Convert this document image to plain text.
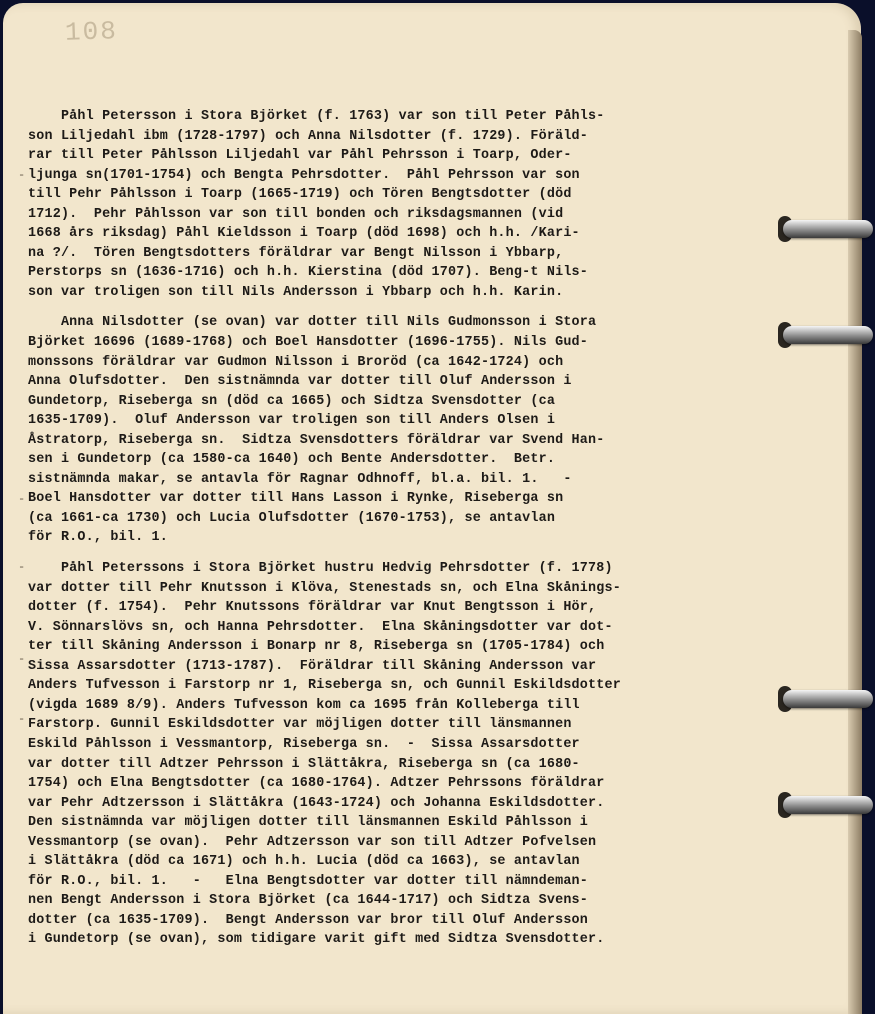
108
Påhl Petersson i Stora Björket (f. 1763) var son till Peter Påhls-
son Liljedahl ibm (1728-1797) och Anna Nilsdotter (f. 1729). Föräld-
rar till Peter Påhlsson Liljedahl var Påhl Pehrsson i Toarp, Oder-
ljunga sn(1701-1754) och Bengta Pehrsdotter.  Påhl Pehrsson var son
till Pehr Påhlsson i Toarp (1665-1719) och Tören Bengtsdotter (död
1712).  Pehr Påhlsson var son till bonden och riksdagsmannen (vid
1668 års riksdag) Påhl Kieldsson i Toarp (död 1698) och h.h. /Kari-
na ?/.  Tören Bengtsdotters föräldrar var Bengt Nilsson i Ybbarp,
Perstorps sn (1636-1716) och h.h. Kierstina (död 1707). Beng-t Nils-
son var troligen son till Nils Andersson i Ybbarp och h.h. Karin.
Anna Nilsdotter (se ovan) var dotter till Nils Gudmonsson i Stora
Björket 16696 (1689-1768) och Boel Hansdotter (1696-1755). Nils Gud-
monssons föräldrar var Gudmon Nilsson i Broröd (ca 1642-1724) och
Anna Olufsdotter.  Den sistnämnda var dotter till Oluf Andersson i
Gundetorp, Riseberga sn (död ca 1665) och Sidtza Svensdotter (ca
1635-1709).  Oluf Andersson var troligen son till Anders Olsen i
Åstratorp, Riseberga sn.  Sidtza Svensdotters föräldrar var Svend Han-
sen i Gundetorp (ca 1580-ca 1640) och Bente Andersdotter.  Betr.
sistnämnda makar, se antavla för Ragnar Odhnoff, bl.a. bil. 1.   -
Boel Hansdotter var dotter till Hans Lasson i Rynke, Riseberga sn
(ca 1661-ca 1730) och Lucia Olufsdotter (1670-1753), se antavlan
för R.O., bil. 1.
Påhl Peterssons i Stora Björket hustru Hedvig Pehrsdotter (f. 1778)
var dotter till Pehr Knutsson i Klöva, Stenestads sn, och Elna Skånings-
dotter (f. 1754).  Pehr Knutssons föräldrar var Knut Bengtsson i Hör,
V. Sönnarslövs sn, och Hanna Pehrsdotter.  Elna Skåningsdotter var dot-
ter till Skåning Andersson i Bonarp nr 8, Riseberga sn (1705-1784) och
Sissa Assarsdotter (1713-1787).  Föräldrar till Skåning Andersson var
Anders Tufvesson i Farstorp nr 1, Riseberga sn, och Gunnil Eskildsdotter
(vigda 1689 8/9). Anders Tufvesson kom ca 1695 från Kolleberga till
Farstorp. Gunnil Eskildsdotter var möjligen dotter till länsmannen
Eskild Påhlsson i Vessmantorp, Riseberga sn.  -  Sissa Assarsdotter
var dotter till Adtzer Pehrsson i Slättåkra, Riseberga sn (ca 1680-
1754) och Elna Bengtsdotter (ca 1680-1764). Adtzer Pehrssons föräldrar
var Pehr Adtzersson i Slättåkra (1643-1724) och Johanna Eskildsdotter.
Den sistnämnda var möjligen dotter till länsmannen Eskild Påhlsson i
Vessmantorp (se ovan).  Pehr Adtzersson var son till Adtzer Pofvelsen
i Slättåkra (död ca 1671) och h.h. Lucia (död ca 1663), se antavlan
för R.O., bil. 1.   -   Elna Bengtsdotter var dotter till nämndeman-
nen Bengt Andersson i Stora Björket (ca 1644-1717) och Sidtza Svens-
dotter (ca 1635-1709).  Bengt Andersson var bror till Oluf Andersson
i Gundetorp (se ovan), som tidigare varit gift med Sidtza Svensdotter.
-
-
-
-
-
